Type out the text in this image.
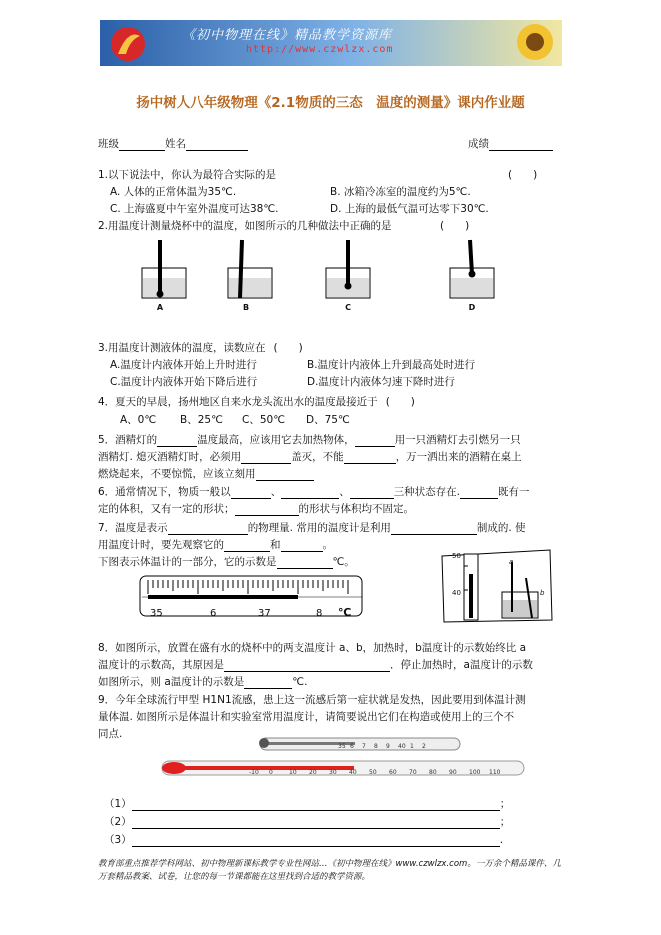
《初中物理在线》精品教学资源库
http://www.czwlzx.com
扬中树人八年级物理《2.1物质的三态　温度的测量》课内作业题
班级	姓名	成绩
1.以下说法中，你认为最符合实际的是	(　　)
A. 人体的正常体温为35℃.	B. 冰箱冷冻室的温度约为5℃.
C. 上海盛夏中午室外温度可达38℃.	D. 上海的最低气温可达零下30℃.
2.用温度计测量烧杯中的温度，如图所示的几种做法中正确的是	(　　)
A	B	C	D
3.用温度计测液体的温度，读数应在 (　　)
A.温度计内液体开始上升时进行	B.温度计内液体上升到最高处时进行
C.温度计内液体开始下降后进行	D.温度计内液体匀速下降时进行
4．夏天的早晨，扬州地区自来水龙头流出水的温度最接近于 (　　)
A、0℃ B、25℃ C、50℃ D、75℃
5．酒精灯的	温度最高，应该用它去加热物体，	用一只酒精灯去引燃另一只
酒精灯. 熄灭酒精灯时，必须用	盖灭，不能	，万一洒出来的酒精在桌上
燃烧起来，不要惊慌，应该立刻用
6．通常情况下，物质一般以	、	、	三种状态存在.	既有一
定的体积，又有一定的形状；	的形状与体积均不固定。
7．温度是表示	的物理量. 常用的温度计是利用	制成的. 使
用温度计时，要先观察它的	和	。
下图表示体温计的一部分，它的示数是	℃。
35	6	37	8 ℃
50
40
a
b
8．如图所示，放置在盛有水的烧杯中的两支温度计 a、b，加热时，b温度计的示数始终比 a
温度计的示数高，其原因是	．停止加热时，a温度计的示数
如图所示，则 a温度计的示数是	℃.
9．今年全球流行甲型 H1N1流感，患上这一流感后第一症状就是发热，因此要用到体温计测
量体温. 如图所示是体温计和实验室常用温度计，请简要说出它们在构造或使用上的三个不
同点.
35 6 7 8 9 40 1 2
-10 0	10 20 30 40 50 60 70 80 90 100 110
（1）	；
（2）	；
（3）	.
教育部重点推荐学科网站、初中物理新课标教学专业性网站…《初中物理在线》www.czwlzx.com。一万余个精品课件、几万套精品教案、试卷，让您的每一节课都能在这里找到合适的教学资源。
